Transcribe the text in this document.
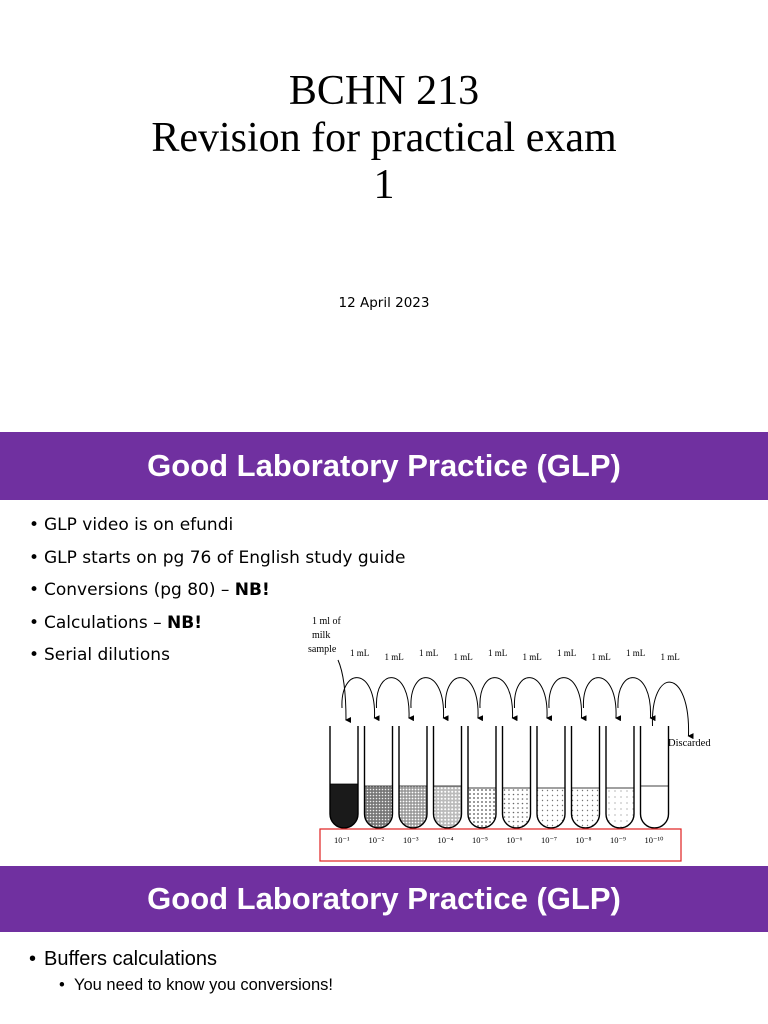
BCHN 213
Revision for practical exam
1
12 April 2023
Good Laboratory Practice (GLP)
• GLP video is on efundi
• GLP starts on pg 76 of English study guide
• Conversions (pg 80) – NB!
• Calculations – NB!
• Serial dilutions
1 ml of
milk
sample
10⁻¹
1 mL
10⁻²
1 mL
10⁻³
1 mL
10⁻⁴
1 mL
10⁻⁵
1 mL
10⁻⁶
1 mL
10⁻⁷
1 mL
10⁻⁸
1 mL
10⁻⁹
1 mL
10⁻¹⁰
1 mL
Discarded
Good Laboratory Practice (GLP)
• Buffers calculations
• You need to know you conversions!
